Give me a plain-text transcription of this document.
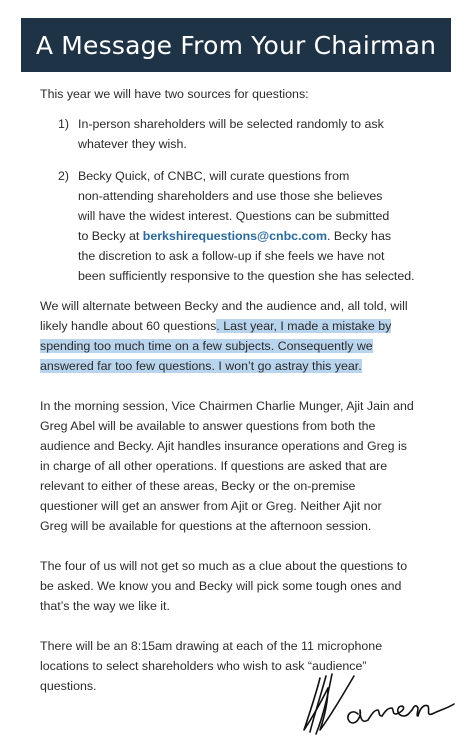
A Message From Your Chairman

This year we will have two sources for questions:

1) In-person shareholders will be selected randomly to ask
whatever they wish.
2) Becky Quick, of CNBC, will curate questions from
non-attending shareholders and use those she believes
will have the widest interest. Questions can be submitted
to Becky at berkshirequestions@cnbc.com. Becky has
the discretion to ask a follow-up if she feels we have not
been sufficiently responsive to the question she has selected.
We will alternate between Becky and the audience and, all told, will
likely handle about 60 questions. Last year, I made a mistake by
spending too much time on a few subjects. Consequently we
answered far too few questions. I won’t go astray this year.
In the morning session, Vice Chairmen Charlie Munger, Ajit Jain and
Greg Abel will be available to answer questions from both the
audience and Becky. Ajit handles insurance operations and Greg is
in charge of all other operations. If questions are asked that are
relevant to either of these areas, Becky or the on-premise
questioner will get an answer from Ajit or Greg. Neither Ajit nor
Greg will be available for questions at the afternoon session.
The four of us will not get so much as a clue about the questions to
be asked. We know you and Becky will pick some tough ones and
that’s the way we like it.
There will be an 8:15am drawing at each of the 11 microphone
locations to select shareholders who wish to ask “audience”
questions.
